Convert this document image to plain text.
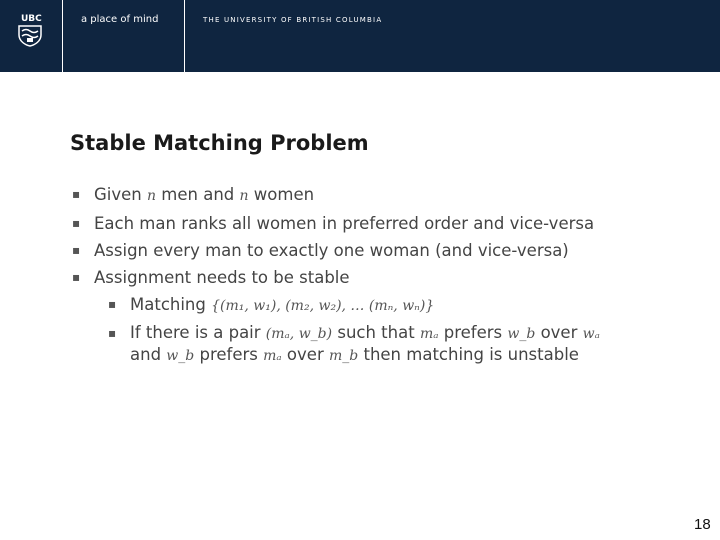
UBC	a place of mind	THE UNIVERSITY OF BRITISH COLUMBIA
Stable Matching Problem
▪ Given n men and n women
▪ Each man ranks all women in preferred order and vice-versa
▪ Assign every man to exactly one woman (and vice-versa)
▪ Assignment needs to be stable
▪ Matching {(m₁, w₁), (m₂, w₂), … (mₙ, wₙ)}
▪ If there is a pair (mₐ, w_b) such that mₐ prefers w_b over wₐ
and w_b prefers mₐ over m_b then matching is unstable
18
